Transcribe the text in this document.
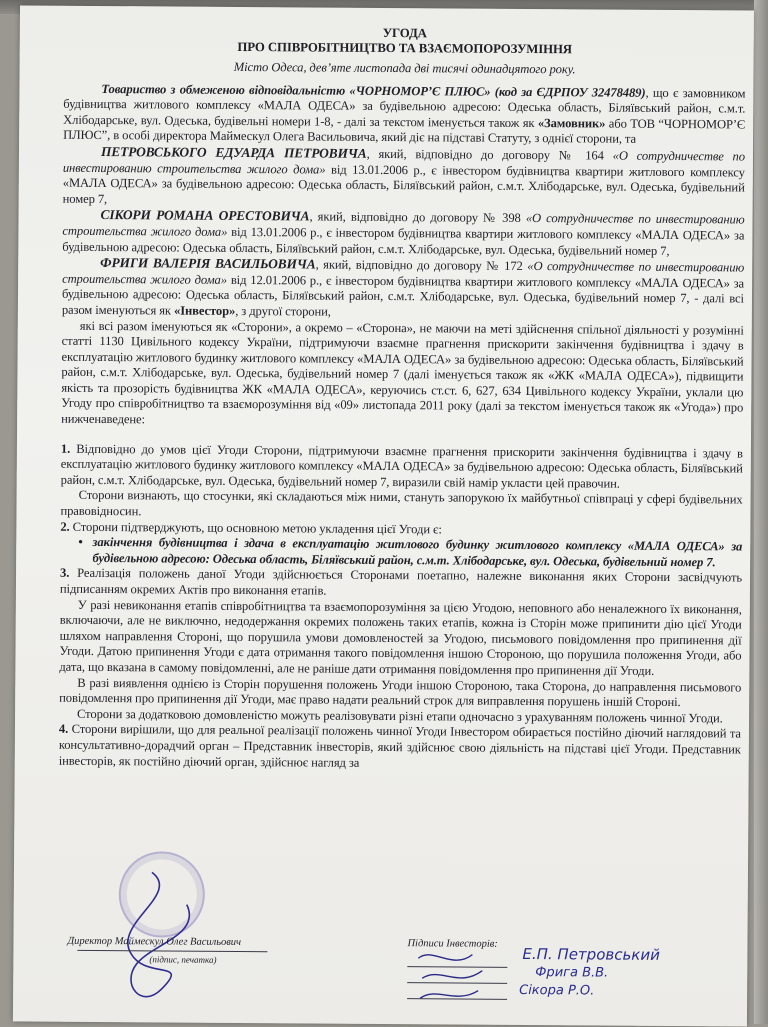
УГОДА

ПРО СПІВРОБІТНИЦТВО ТА ВЗАЄМОПОРОЗУМІННЯ

Місто Одеса, дев’яте листопада дві тисячі одинадцятого року.

Товариство з обмеженою відповідальністю «ЧОРНОМОР’Є ПЛЮС» (код за ЄДРПОУ 32478489), що є замовником будівництва житлового комплексу «МАЛА ОДЕСА» за будівельною адресою: Одеська область, Біляївський район, с.м.т. Хлібодарське, вул. Одеська, будівельні номери 1-8, - далі за текстом іменується також як «Замовник» або ТОВ “ЧОРНОМОР’Є ПЛЮС”, в особі директора Маймескул Олега Васильовича, який діє на підставі Статуту, з однієї сторони, та

ПЕТРОВСЬКОГО ЕДУАРДА ПЕТРОВИЧА, який, відповідно до договору № 164 «О сотрудничестве по инвестированию строительства жилого дома» від 13.01.2006 р., є інвестором будівництва квартири житлового комплексу «МАЛА ОДЕСА» за будівельною адресою: Одеська область, Біляївський район, с.м.т. Хлібодарське, вул. Одеська, будівельний номер 7,

СІКОРИ РОМАНА ОРЕСТОВИЧА, який, відповідно до договору № 398 «О сотрудничестве по инвестированию строительства жилого дома» від 13.01.2006 р., є інвестором будівництва квартири житлового комплексу «МАЛА ОДЕСА» за будівельною адресою: Одеська область, Біляївський район, с.м.т. Хлібодарське, вул. Одеська, будівельний номер 7,

ФРИГИ ВАЛЕРІЯ ВАСИЛЬОВИЧА, який, відповідно до договору № 172 «О сотрудничестве по инвестированию строительства жилого дома» від 12.01.2006 р., є інвестором будівництва квартири житлового комплексу «МАЛА ОДЕСА» за будівельною адресою: Одеська область, Біляївський район, с.м.т. Хлібодарське, вул. Одеська, будівельний номер 7, - далі всі разом іменуються як «Інвестор», з другої сторони,

які всі разом іменуються як «Сторони», а окремо – «Сторона», не маючи на меті здійснення спільної діяльності у розумінні статті 1130 Цивільного кодексу України, підтримуючи взаємне прагнення прискорити закінчення будівництва і здачу в експлуатацію житлового будинку житлового комплексу «МАЛА ОДЕСА» за будівельною адресою: Одеська область, Біляївський район, с.м.т. Хлібодарське, вул. Одеська, будівельний номер 7 (далі іменується також як «ЖК «МАЛА ОДЕСА»), підвищити якість та прозорість будівництва ЖК «МАЛА ОДЕСА», керуючись ст.ст. 6, 627, 634 Цивільного кодексу України, уклали цю Угоду про співробітництво та взаєморозуміння від «09» листопада 2011 року (далі за текстом іменується також як «Угода») про нижченаведене:

1. Відповідно до умов цієї Угоди Сторони, підтримуючи взаємне прагнення прискорити закінчення будівництва і здачу в експлуатацію житлового будинку житлового комплексу «МАЛА ОДЕСА» за будівельною адресою: Одеська область, Біляївський район, с.м.т. Хлібодарське, вул. Одеська, будівельний номер 7, виразили свій намір укласти цей правочин.

Сторони визнають, що стосунки, які складаються між ними, стануть запорукою їх майбутньої співпраці у сфері будівельних правовідносин.

2. Сторони підтверджують, що основною метою укладення цієї Угоди є:

• закінчення будівництва і здача в експлуатацію житлового будинку житлового комплексу «МАЛА ОДЕСА» за будівельною адресою: Одеська область, Біляївський район, с.м.т. Хлібодарське, вул. Одеська, будівельний номер 7.

3. Реалізація положень даної Угоди здійснюється Сторонами поетапно, належне виконання яких Сторони засвідчують підписанням окремих Актів про виконання етапів.

У разі невиконання етапів співробітництва та взаємопорозуміння за цією Угодою, неповного або неналежного їх виконання, включаючи, але не виключно, недодержання окремих положень таких етапів, кожна із Сторін може припинити дію цієї Угоди шляхом направлення Стороні, що порушила умови домовленостей за Угодою, письмового повідомлення про припинення дії Угоди. Датою припинення Угоди є дата отримання такого повідомлення іншою Стороною, що порушила положення Угоди, або дата, що вказана в самому повідомленні, але не раніше дати отримання повідомлення про припинення дії Угоди.

В разі виявлення однією із Сторін порушення положень Угоди іншою Стороною, така Сторона, до направлення письмового повідомлення про припинення дії Угоди, має право надати реальний строк для виправлення порушень іншій Стороні.

Сторони за додатковою домовленістю можуть реалізовувати різні етапи одночасно з урахуванням положень чинної Угоди.

4. Сторони вирішили, що для реальної реалізації положень чинної Угоди Інвестором обирається постійно діючий наглядовий та консультативно-дорадчий орган – Представник інвесторів, який здійснює свою діяльність на підставі цієї Угоди. Представник інвесторів, як постійно діючий орган, здійснює нагляд за

Директор Маймескул Олег Васильович
(підпис, печатка)
Підписи Інвесторів:
Е.П. Петровський
Фрига В.В.
Сікора Р.О.
